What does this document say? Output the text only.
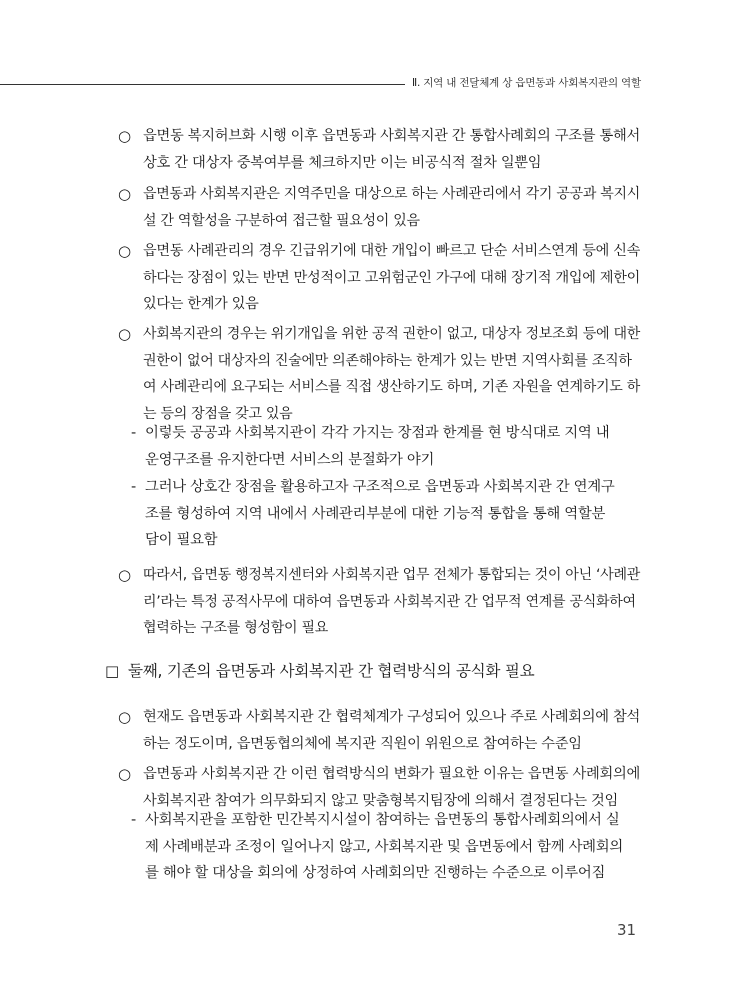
Ⅱ. 지역 내 전달체계 상 읍면동과 사회복지관의 역할
○ 읍면동 복지허브화 시행 이후 읍면동과 사회복지관 간 통합사례회의 구조를 통해서
상호 간 대상자 중복여부를 체크하지만 이는 비공식적 절차 일뿐임
○ 읍면동과 사회복지관은 지역주민을 대상으로 하는 사례관리에서 각기 공공과 복지시
설 간 역할성을 구분하여 접근할 필요성이 있음
○ 읍면동 사례관리의 경우 긴급위기에 대한 개입이 빠르고 단순 서비스연계 등에 신속
하다는 장점이 있는 반면 만성적이고 고위험군인 가구에 대해 장기적 개입에 제한이
있다는 한계가 있음
○ 사회복지관의 경우는 위기개입을 위한 공적 권한이 없고, 대상자 정보조회 등에 대한
권한이 없어 대상자의 진술에만 의존해야하는 한계가 있는 반면 지역사회를 조직하
여 사례관리에 요구되는 서비스를 직접 생산하기도 하며, 기존 자원을 연계하기도 하
는 등의 장점을 갖고 있음
- 이렇듯 공공과 사회복지관이 각각 가지는 장점과 한계를 현 방식대로 지역 내
운영구조를 유지한다면 서비스의 분절화가 야기
- 그러나 상호간 장점을 활용하고자 구조적으로 읍면동과 사회복지관 간 연계구
조를 형성하여 지역 내에서 사례관리부분에 대한 기능적 통합을 통해 역할분
담이 필요함
○ 따라서, 읍면동 행정복지센터와 사회복지관 업무 전체가 통합되는 것이 아닌 ‘사례관
리’라는 특정 공적사무에 대하여 읍면동과 사회복지관 간 업무적 연계를 공식화하여
협력하는 구조를 형성함이 필요
□ 둘째, 기존의 읍면동과 사회복지관 간 협력방식의 공식화 필요
○ 현재도 읍면동과 사회복지관 간 협력체계가 구성되어 있으나 주로 사례회의에 참석
하는 정도이며, 읍면동협의체에 복지관 직원이 위원으로 참여하는 수준임
○ 읍면동과 사회복지관 간 이런 협력방식의 변화가 필요한 이유는 읍면동 사례회의에
사회복지관 참여가 의무화되지 않고 맞춤형복지팀장에 의해서 결정된다는 것임
- 사회복지관을 포함한 민간복지시설이 참여하는 읍면동의 통합사례회의에서 실
제 사례배분과 조정이 일어나지 않고, 사회복지관 및 읍면동에서 함께 사례회의
를 해야 할 대상을 회의에 상정하여 사례회의만 진행하는 수준으로 이루어짐
31
